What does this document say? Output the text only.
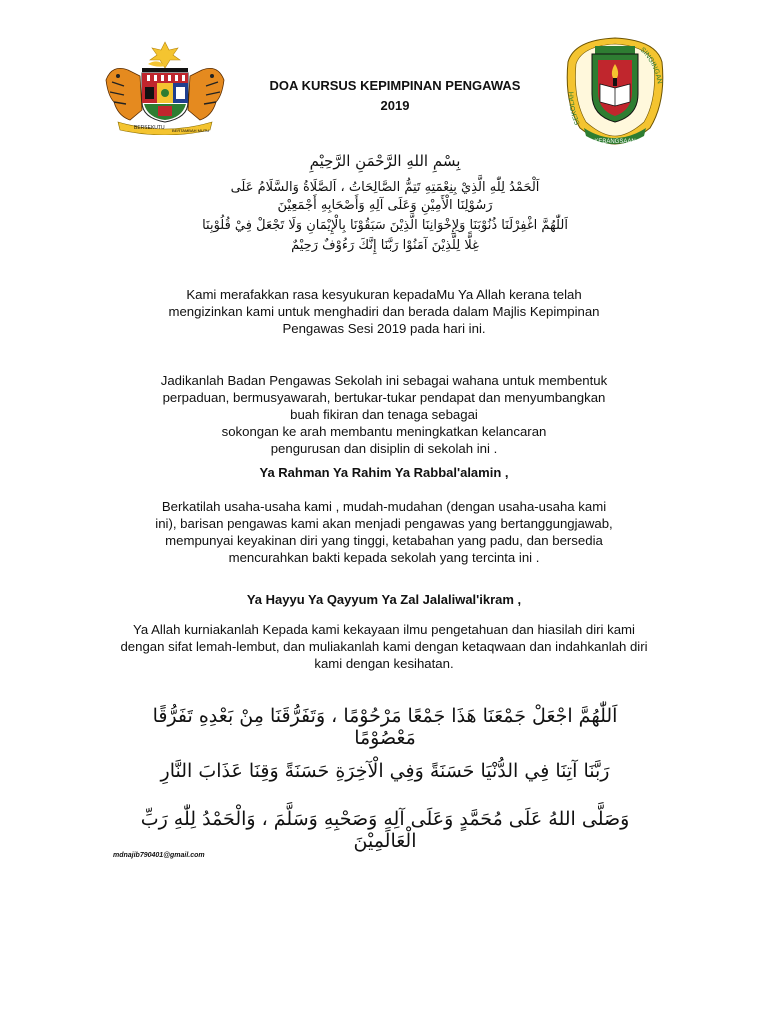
BERSEKUTU BERTAMBAH MUTU
DOA KURSUS KEPIMPINAN PENGAWAS
2019
SEKOLAH
SINGINGAN
KEBANGSAAN
بِسْمِ اللهِ الرَّحْمَنِ الرَّحِيْمِ
اَلْحَمْدُ لِلّٰهِ الَّذِيْ بِنِعْمَتِهِ تَتِمُّ الصَّالِحَاتُ ، اَلصَّلَاةُ وَالسَّلَامُ عَلَى
رَسُوْلِنَا الْأَمِيْنِ وَعَلَى آلِهِ وَأَصْحَابِهِ أَجْمَعِيْنَ
اَللّٰهُمَّ اغْفِرْلَنَا ذُنُوْبَنَا وَلِإِخْوَانِنَا الَّذِيْنَ سَبَقُوْنَا بِالْإِيْمَانِ وَلَا تَجْعَلْ فِيْ قُلُوْبِنَا
غِلًّا لِلَّذِيْنَ آمَنُوْا رَبَّنَا إِنَّكَ رَءُوْفٌ رَحِيْمٌ
Kami merafakkan rasa kesyukuran kepadaMu Ya Allah kerana telah
mengizinkan kami untuk menghadiri dan berada dalam Majlis Kepimpinan
Pengawas Sesi 2019 pada hari ini.
Jadikanlah Badan Pengawas Sekolah ini sebagai wahana untuk membentuk
perpaduan, bermusyawarah, bertukar-tukar pendapat dan menyumbangkan
buah fikiran dan tenaga sebagai
sokongan ke arah membantu meningkatkan kelancaran
pengurusan dan disiplin di sekolah ini .
Ya Rahman Ya Rahim Ya Rabbal'alamin ,
Berkatilah usaha-usaha kami , mudah-mudahan (dengan usaha-usaha kami
ini), barisan pengawas kami akan menjadi pengawas yang bertanggungjawab,
mempunyai keyakinan diri yang tinggi, ketabahan yang padu, dan bersedia
mencurahkan bakti kepada sekolah yang tercinta ini .
Ya Hayyu Ya Qayyum Ya Zal Jalaliwal'ikram ,
Ya Allah kurniakanlah Kepada kami kekayaan ilmu pengetahuan dan hiasilah diri kami
dengan sifat lemah-lembut, dan muliakanlah kami dengan ketaqwaan dan indahkanlah diri
kami dengan kesihatan.
اَللّٰهُمَّ اجْعَلْ جَمْعَنَا هَذَا جَمْعًا مَرْحُوْمًا ، وَتَفَرُّقَنَا مِنْ بَعْدِهِ تَفَرُّقًا مَعْصُوْمًا
رَبَّنَا آتِنَا فِي الدُّنْيَا حَسَنَةً وَفِي الْآخِرَةِ حَسَنَةً وَقِنَا عَذَابَ النَّارِ
وَصَلَّى اللهُ عَلَى مُحَمَّدٍ وَعَلَى آلِهِ وَصَحْبِهِ وَسَلَّمَ ، وَالْحَمْدُ لِلّٰهِ رَبِّ الْعَالَمِيْنَ
mdnajib790401@gmail.com
